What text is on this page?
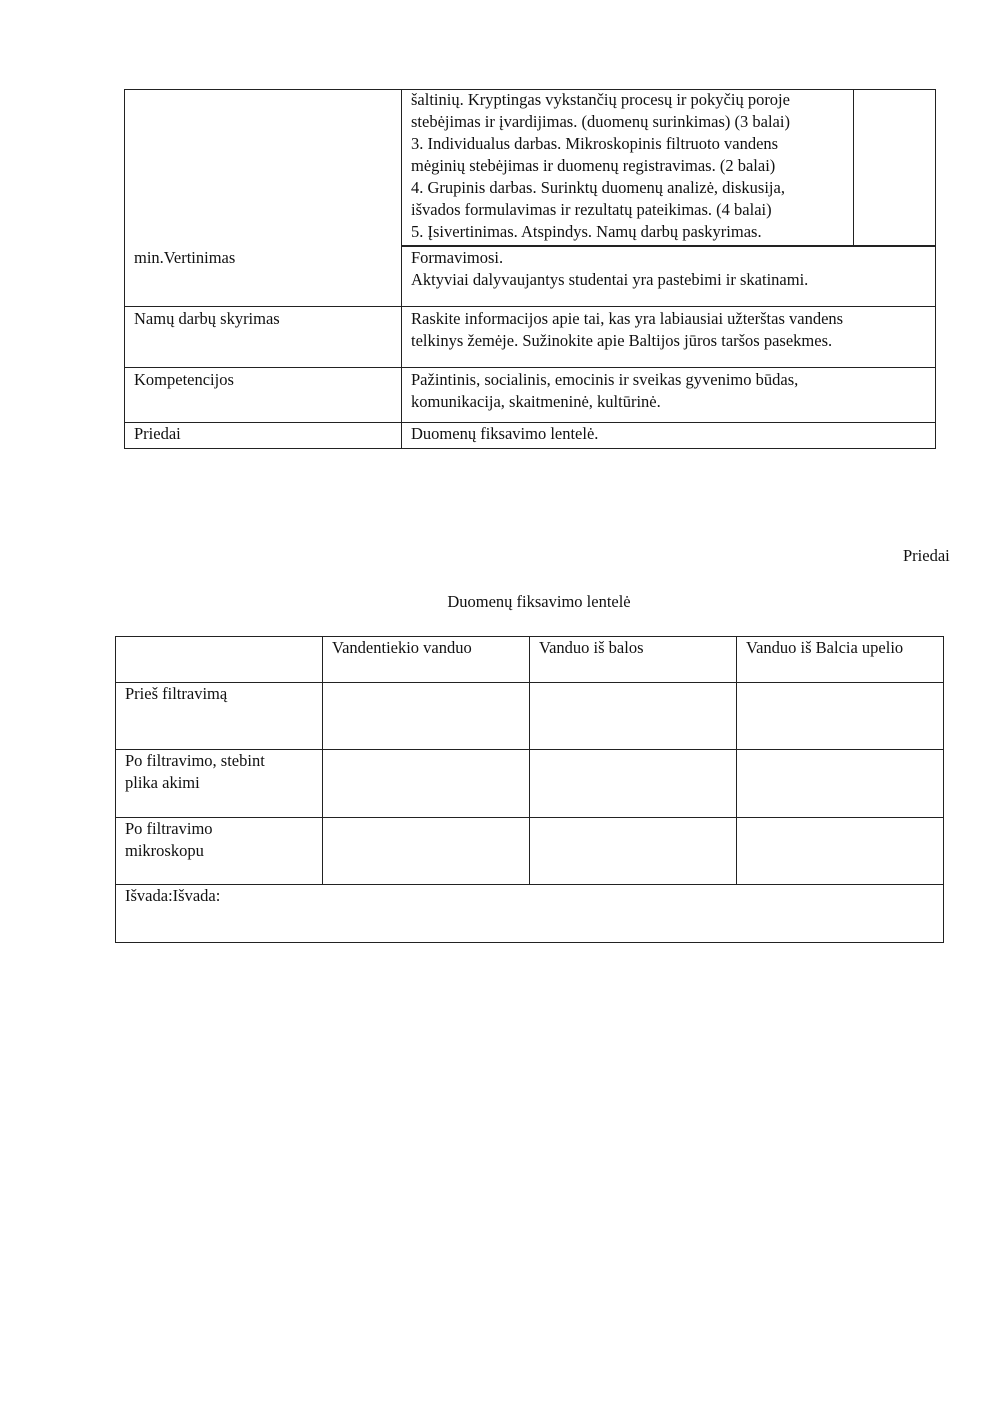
šaltinių. Kryptingas vykstančių procesų ir pokyčių poroje

stebėjimas ir įvardijimas. (duomenų surinkimas) (3 balai)

3. Individualus darbas. Mikroskopinis filtruoto vandens

mėginių stebėjimas ir duomenų registravimas. (2 balai)

4. Grupinis darbas. Surinktų duomenų analizė, diskusija,

išvados formulavimas ir rezultatų pateikimas. (4 balai)

5. Įsivertinimas. Atspindys. Namų darbų paskyrimas.

min.Vertinimas	Formavimosi.

Aktyviai dalyvaujantys studentai yra pastebimi ir skatinami.

Namų darbų skyrimas	Raskite informacijos apie tai, kas yra labiausiai užterštas vandens

telkinys žemėje. Sužinokite apie Baltijos jūros taršos pasekmes.

Kompetencijos	Pažintinis, socialinis, emocinis ir sveikas gyvenimo būdas,

komunikacija, skaitmeninė, kultūrinė.

Priedai	Duomenų fiksavimo lentelė.

Priedai
Duomenų fiksavimo lentelė
	Vandentiekio vanduo	Vanduo iš balos	Vanduo iš Balcia upelio

Prieš filtravimą			

Po filtravimo, stebint
plika akimi			

Po filtravimo
mikroskopu			

Išvada:Išvada:			
